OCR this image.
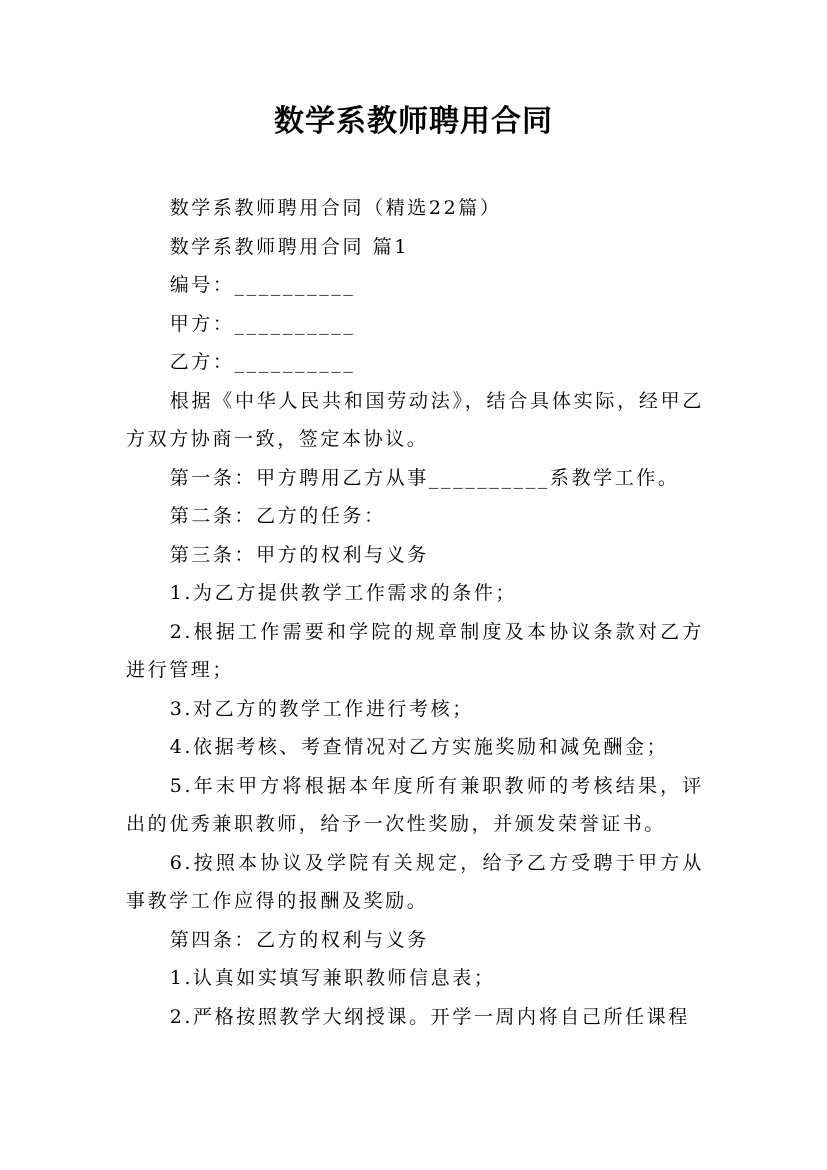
数学系教师聘用合同

数学系教师聘用合同（精选22篇）

数学系教师聘用合同 篇1

编号：__________

甲方：__________

乙方：__________

根据《中华人民共和国劳动法》，结合具体实际，经甲乙方双方协商一致，签定本协议。

第一条：甲方聘用乙方从事__________系教学工作。

第二条：乙方的任务：

第三条：甲方的权利与义务

1.为乙方提供教学工作需求的条件；

2.根据工作需要和学院的规章制度及本协议条款对乙方进行管理；

3.对乙方的教学工作进行考核；

4.依据考核、考查情况对乙方实施奖励和减免酬金；

5.年末甲方将根据本年度所有兼职教师的考核结果，评出的优秀兼职教师，给予一次性奖励，并颁发荣誉证书。

6.按照本协议及学院有关规定，给予乙方受聘于甲方从事教学工作应得的报酬及奖励。

第四条：乙方的权利与义务

1.认真如实填写兼职教师信息表；

2.严格按照教学大纲授课。开学一周内将自己所任课程
